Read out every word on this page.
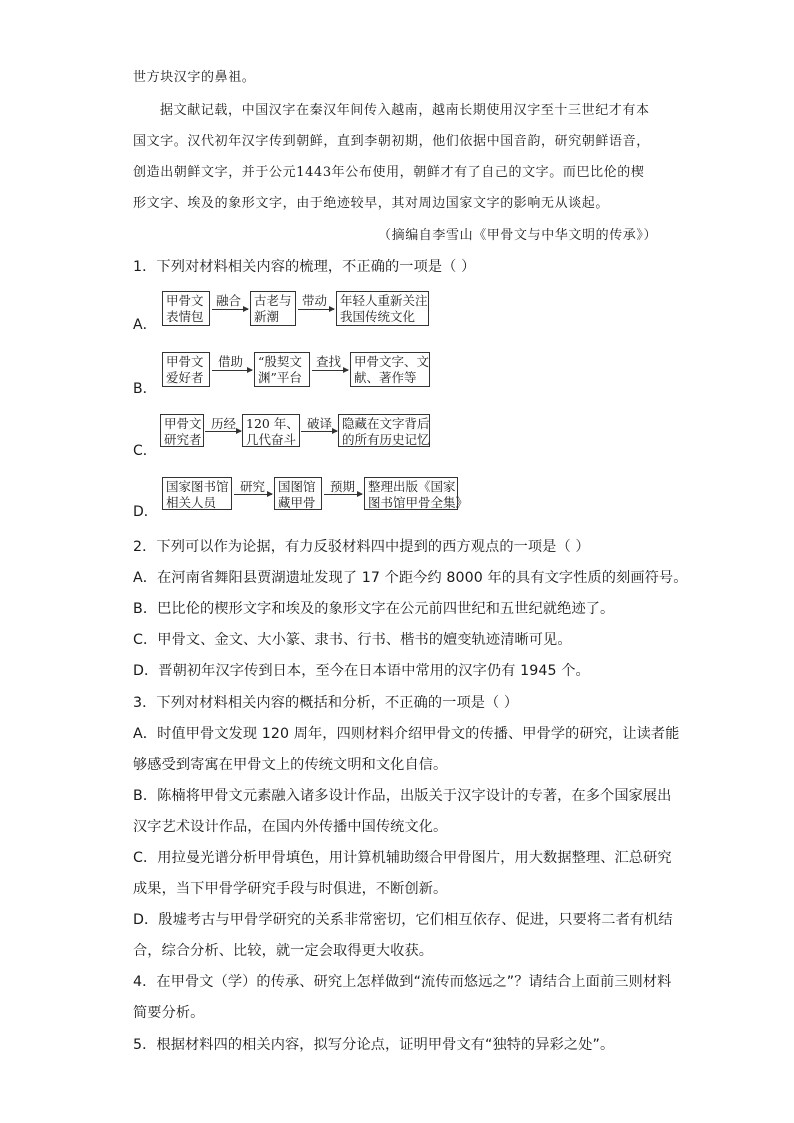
世方块汉字的鼻祖。
据文献记载，中国汉字在秦汉年间传入越南，越南长期使用汉字至十三世纪才有本
国文字。汉代初年汉字传到朝鲜，直到李朝初期，他们依据中国音韵，研究朝鲜语音，
创造出朝鲜文字，并于公元1443年公布使用，朝鲜才有了自己的文字。而巴比伦的楔
形文字、埃及的象形文字，由于绝迹较早，其对周边国家文字的影响无从谈起。
（摘编自李雪山《甲骨文与中华文明的传承》）
1．下列对材料相关内容的梳理，不正确的一项是（ ）
A．
甲骨文
表情包
融合 古老与
新潮
带动 年轻人重新关注
我国传统文化
B．
甲骨文
爱好者
借助 “殷契文
渊”平台
查找 甲骨文字、文
献、著作等
C．
甲骨文
研究者
历经 120 年、
几代奋斗
破译 隐藏在文字背后
的所有历史记忆
D．
国家图书馆
相关人员
研究 国图馆
藏甲骨
预期 整理出版《国家
图书馆甲骨全集》
2．下列可以作为论据，有力反驳材料四中提到的西方观点的一项是（ ）
A．在河南省舞阳县贾湖遗址发现了 17 个距今约 8000 年的具有文字性质的刻画符号。
B．巴比伦的楔形文字和埃及的象形文字在公元前四世纪和五世纪就绝迹了。
C．甲骨文、金文、大小篆、隶书、行书、楷书的嬗变轨迹清晰可见。
D．晋朝初年汉字传到日本，至今在日本语中常用的汉字仍有 1945 个。
3．下列对材料相关内容的概括和分析，不正确的一项是（ ）
A．时值甲骨文发现 120 周年，四则材料介绍甲骨文的传播、甲骨学的研究，让读者能
够感受到寄寓在甲骨文上的传统文明和文化自信。
B．陈楠将甲骨文元素融入诸多设计作品，出版关于汉字设计的专著，在多个国家展出
汉字艺术设计作品，在国内外传播中国传统文化。
C．用拉曼光谱分析甲骨填色，用计算机辅助缀合甲骨图片，用大数据整理、汇总研究
成果，当下甲骨学研究手段与时俱进，不断创新。
D．殷墟考古与甲骨学研究的关系非常密切，它们相互依存、促进，只要将二者有机结
合，综合分析、比较，就一定会取得更大收获。
4．在甲骨文（学）的传承、研究上怎样做到“流传而悠远之”？请结合上面前三则材料
简要分析。
5．根据材料四的相关内容，拟写分论点，证明甲骨文有“独特的异彩之处”。
